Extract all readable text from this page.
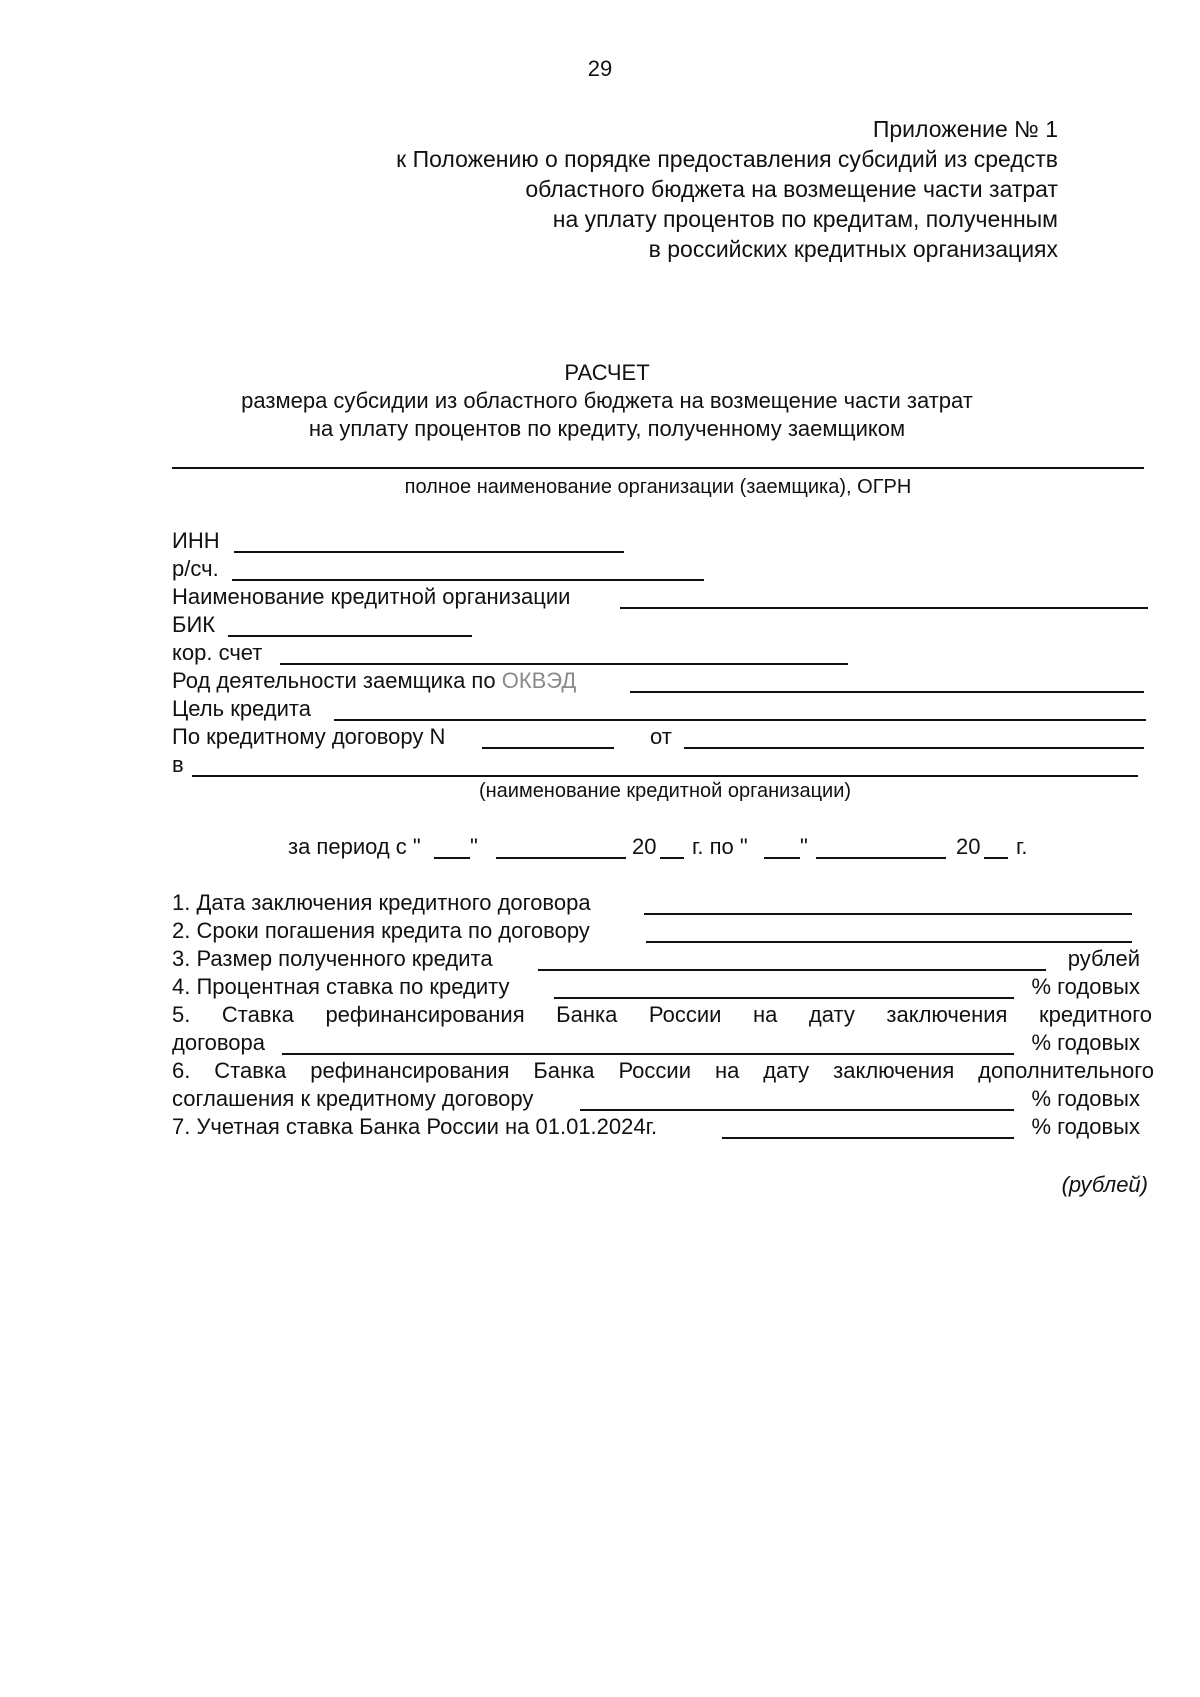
29
Приложение № 1
к Положению о порядке предоставления субсидий из средств
областного бюджета на возмещение части затрат
на уплату процентов по кредитам, полученным
в российских кредитных организациях
РАСЧЕТ
размера субсидии из областного бюджета на возмещение части затрат
на уплату процентов по кредиту, полученному заемщиком
полное наименование организации (заемщика), ОГРН
ИНН
р/сч.
Наименование кредитной организации
БИК
кор. счет
Род деятельности заемщика по ОКВЭД
Цель кредита
По кредитному договору N	от
в
(наименование кредитной организации)
за период с " "	20 г. по " "	20 г.
1. Дата заключения кредитного договора
2. Сроки погашения кредита по договору
3. Размер полученного кредита	рублей
4. Процентная ставка по кредиту	% годовых
5. Ставка рефинансирования Банка России на дату заключения кредитного
договора	% годовых
6. Ставка рефинансирования Банка России на дату заключения дополнительного
соглашения к кредитному договору	% годовых
7. Учетная ставка Банка России на 01.01.2024г.	% годовых
(рублей)
